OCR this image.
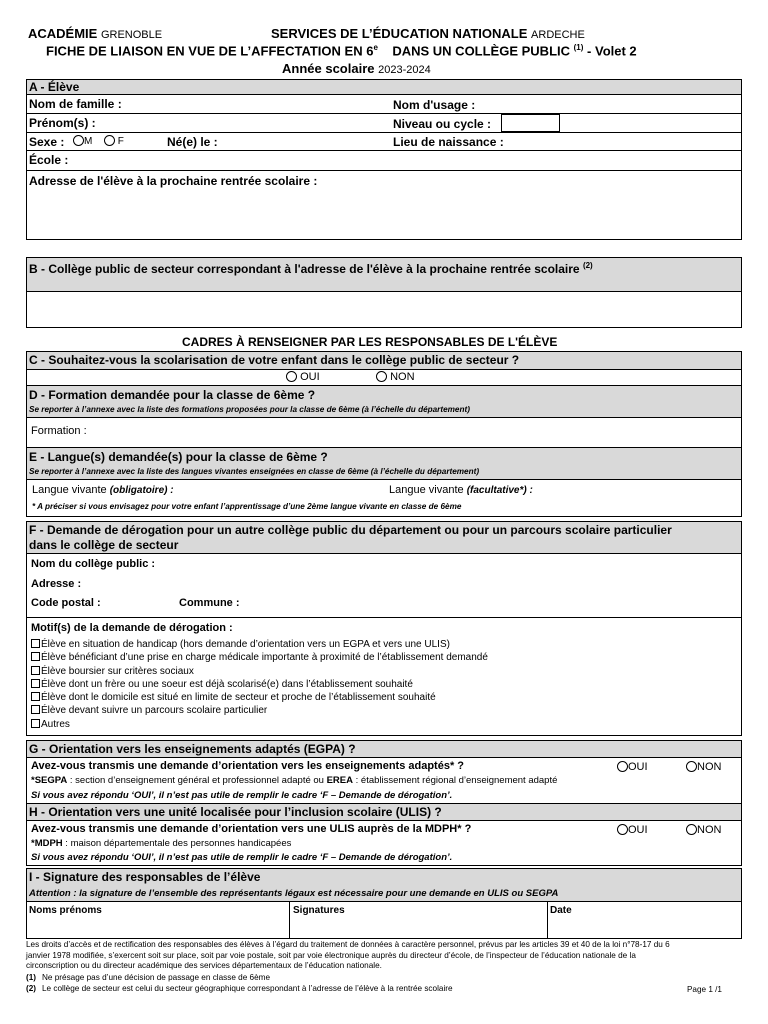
ACADÉMIE GRENOBLE	SERVICES DE L’ÉDUCATION NATIONALE ARDECHE
FICHE DE LIAISON EN VUE DE L’AFFECTATION EN 6e DANS UN COLLÈGE PUBLIC $^{(1)}$ - Volet 2
Année scolaire 2023-2024
A - Élève
Nom de famille :	Nom d'usage :
Prénom(s) :	Niveau ou cycle :
Sexe :	M	F	Né(e) le :	Lieu de naissance :
École :
Adresse de l'élève à la prochaine rentrée scolaire :
B - Collège public de secteur correspondant à l'adresse de l'élève à la prochaine rentrée scolaire $^{(2)}$
CADRES À RENSEIGNER PAR LES RESPONSABLES DE L'ÉLÈVE
C - Souhaitez-vous la scolarisation de votre enfant dans le collège public de secteur ?
OUI	NON
D - Formation demandée pour la classe de 6ème ?
Se reporter à l’annexe avec la liste des formations proposées pour la classe de 6ème (à l’échelle du département)
Formation :
E - Langue(s) demandée(s) pour la classe de 6ème ?
Se reporter à l’annexe avec la liste des langues vivantes enseignées en classe de 6ème (à l’échelle du département)
Langue vivante (obligatoire) :	Langue vivante (facultative*) :
* A préciser si vous envisagez pour votre enfant l’apprentissage d’une 2ème langue vivante en classe de 6ème
F - Demande de dérogation pour un autre collège public du département ou pour un parcours scolaire particulier
dans le collège de secteur
Nom du collège public :
Adresse :
Code postal :	Commune :
Motif(s) de la demande de dérogation :
Élève en situation de handicap (hors demande d’orientation vers un EGPA et vers une ULIS)
Élève bénéficiant d’une prise en charge médicale importante à proximité de l’établissement demandé
Élève boursier sur critères sociaux
Élève dont un frère ou une soeur est déjà scolarisé(e) dans l’établissement souhaité
Élève dont le domicile est situé en limite de secteur et proche de l’établissement souhaité
Élève devant suivre un parcours scolaire particulier
Autres
G - Orientation vers les enseignements adaptés (EGPA) ?
Avez-vous transmis une demande d’orientation vers les enseignements adaptés* ?	OUI	NON
*SEGPA : section d’enseignement général et professionnel adapté ou EREA : établissement régional d’enseignement adapté
Si vous avez répondu ‘OUI’, il n’est pas utile de remplir le cadre ‘F – Demande de dérogation’.
H - Orientation vers une unité localisée pour l’inclusion scolaire (ULIS) ?
Avez-vous transmis une demande d’orientation vers une ULIS auprès de la MDPH* ?	OUI	NON
*MDPH : maison départementale des personnes handicapées
Si vous avez répondu ‘OUI’, il n’est pas utile de remplir le cadre ‘F – Demande de dérogation’.
I - Signature des responsables de l’élève
Attention : la signature de l’ensemble des représentants légaux est nécessaire pour une demande en ULIS ou SEGPA
Noms prénoms	Signatures	Date
Les droits d’accès et de rectification des responsables des élèves à l’égard du traitement de données à caractère personnel, prévus par les articles 39 et 40 de la loi n°78-17 du 6
janvier 1978 modifiée, s’exercent soit sur place, soit par voie postale, soit par voie électronique auprès du directeur d’école, de l’inspecteur de l’éducation nationale de la
circonscription ou du directeur académique des services départementaux de l’éducation nationale.
(1) Ne présage pas d’une décision de passage en classe de 6ème
(2) Le collège de secteur est celui du secteur géographique correspondant à l’adresse de l’élève à la rentrée scolaire	Page 1 /1
